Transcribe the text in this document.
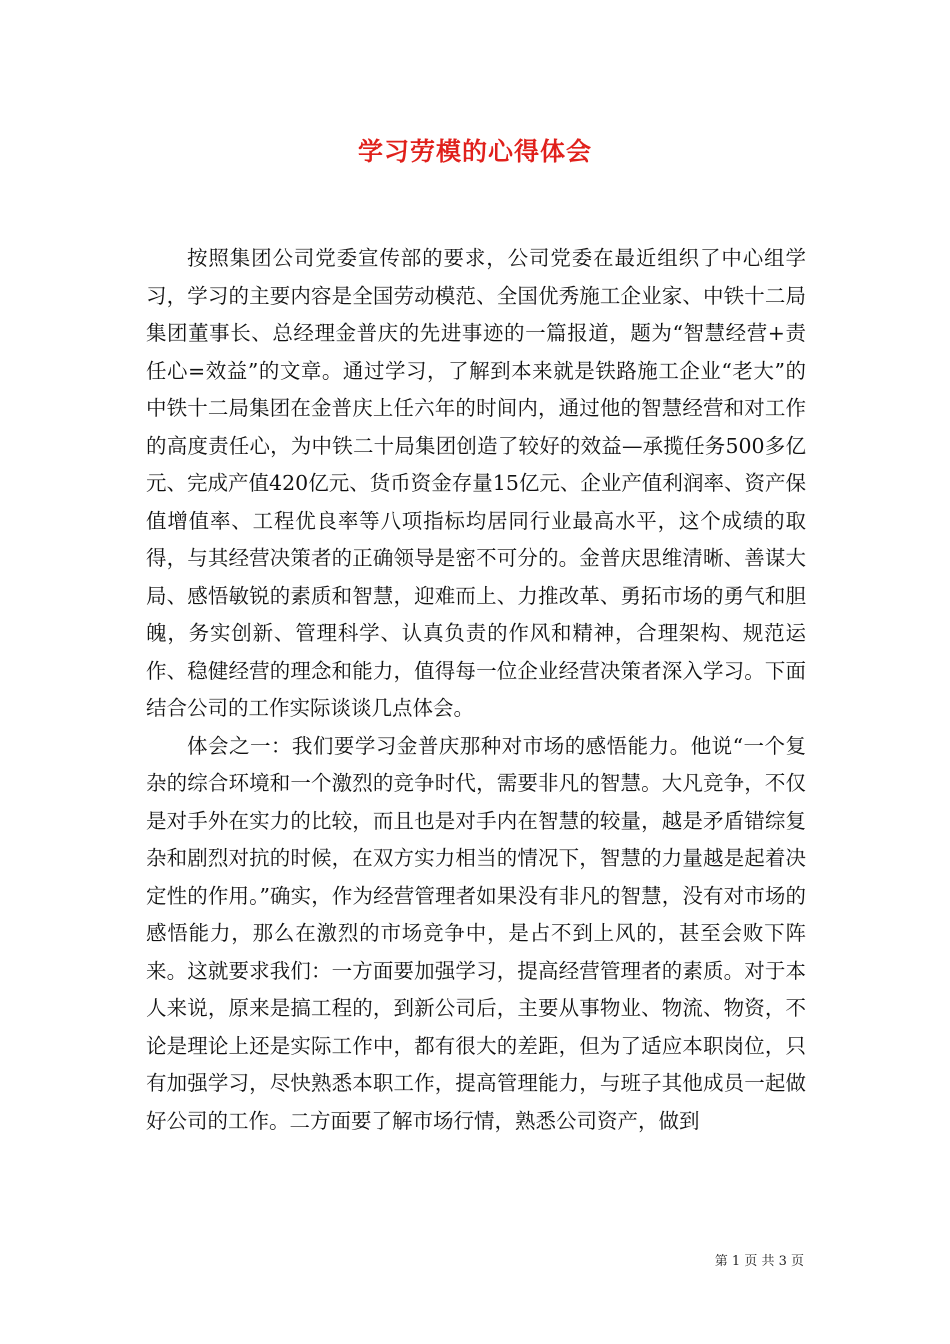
学习劳模的心得体会

按照集团公司党委宣传部的要求，公司党委在最近组织了中心组学习，学习的主要内容是全国劳动模范、全国优秀施工企业家、中铁十二局集团董事长、总经理金普庆的先进事迹的一篇报道，题为“智慧经营+责任心=效益”的文章。通过学习，了解到本来就是铁路施工企业“老大”的中铁十二局集团在金普庆上任六年的时间内，通过他的智慧经营和对工作的高度责任心，为中铁二十局集团创造了较好的效益—承揽任务500多亿元、完成产值420亿元、货币资金存量15亿元、企业产值利润率、资产保值增值率、工程优良率等八项指标均居同行业最高水平，这个成绩的取得，与其经营决策者的正确领导是密不可分的。金普庆思维清晰、善谋大局、感悟敏锐的素质和智慧，迎难而上、力推改革、勇拓市场的勇气和胆魄，务实创新、管理科学、认真负责的作风和精神，合理架构、规范运作、稳健经营的理念和能力，值得每一位企业经营决策者深入学习。下面结合公司的工作实际谈谈几点体会。

体会之一：我们要学习金普庆那种对市场的感悟能力。他说“一个复杂的综合环境和一个激烈的竞争时代，需要非凡的智慧。大凡竞争，不仅是对手外在实力的比较，而且也是对手内在智慧的较量，越是矛盾错综复杂和剧烈对抗的时候，在双方实力相当的情况下，智慧的力量越是起着决定性的作用。”确实，作为经营管理者如果没有非凡的智慧，没有对市场的感悟能力，那么在激烈的市场竞争中，是占不到上风的，甚至会败下阵来。这就要求我们：一方面要加强学习，提高经营管理者的素质。对于本人来说，原来是搞工程的，到新公司后，主要从事物业、物流、物资，不论是理论上还是实际工作中，都有很大的差距，但为了适应本职岗位，只有加强学习，尽快熟悉本职工作，提高管理能力，与班子其他成员一起做好公司的工作。二方面要了解市场行情，熟悉公司资产，做到

第 1 页 共 3 页
